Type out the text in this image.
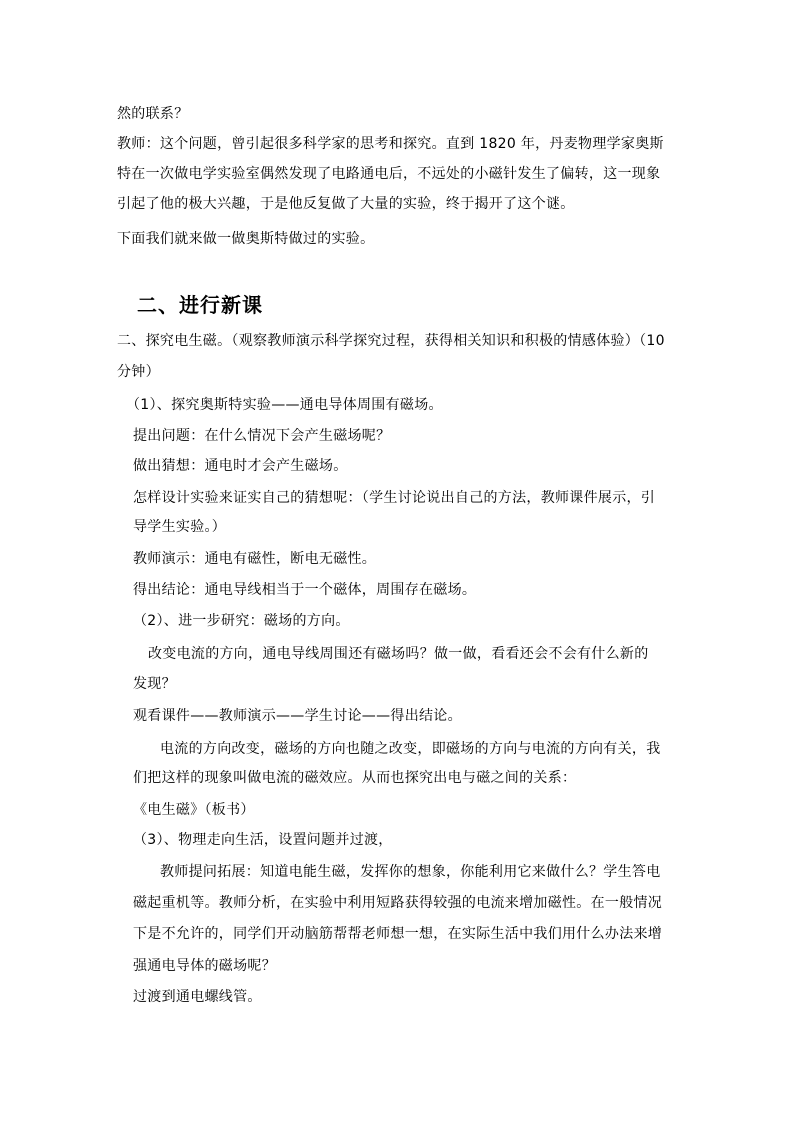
然的联系？
教师：这个问题，曾引起很多科学家的思考和探究。直到 1820 年，丹麦物理学家奥斯
特在一次做电学实验室偶然发现了电路通电后，不远处的小磁针发生了偏转，这一现象
引起了他的极大兴趣，于是他反复做了大量的实验，终于揭开了这个谜。
下面我们就来做一做奥斯特做过的实验。
二、进行新课
二、探究电生磁。（观察教师演示科学探究过程，获得相关知识和积极的情感体验）（10
分钟）
（1）、探究奥斯特实验——通电导体周围有磁场。
提出问题：在什么情况下会产生磁场呢？
做出猜想：通电时才会产生磁场。
怎样设计实验来证实自己的猜想呢：（学生讨论说出自己的方法，教师课件展示，引
导学生实验。）
教师演示：通电有磁性，断电无磁性。
得出结论：通电导线相当于一个磁体，周围存在磁场。
（2）、进一步研究：磁场的方向。
改变电流的方向，通电导线周围还有磁场吗？做一做，看看还会不会有什么新的
发现？
观看课件——教师演示——学生讨论——得出结论。
电流的方向改变，磁场的方向也随之改变，即磁场的方向与电流的方向有关，我
们把这样的现象叫做电流的磁效应。从而也探究出电与磁之间的关系：
《电生磁》（板书）
（3）、物理走向生活，设置问题并过渡，
教师提问拓展：知道电能生磁，发挥你的想象，你能利用它来做什么？学生答电
磁起重机等。教师分析，在实验中利用短路获得较强的电流来增加磁性。在一般情况
下是不允许的，同学们开动脑筋帮帮老师想一想，在实际生活中我们用什么办法来增
强通电导体的磁场呢？
过渡到通电螺线管。
